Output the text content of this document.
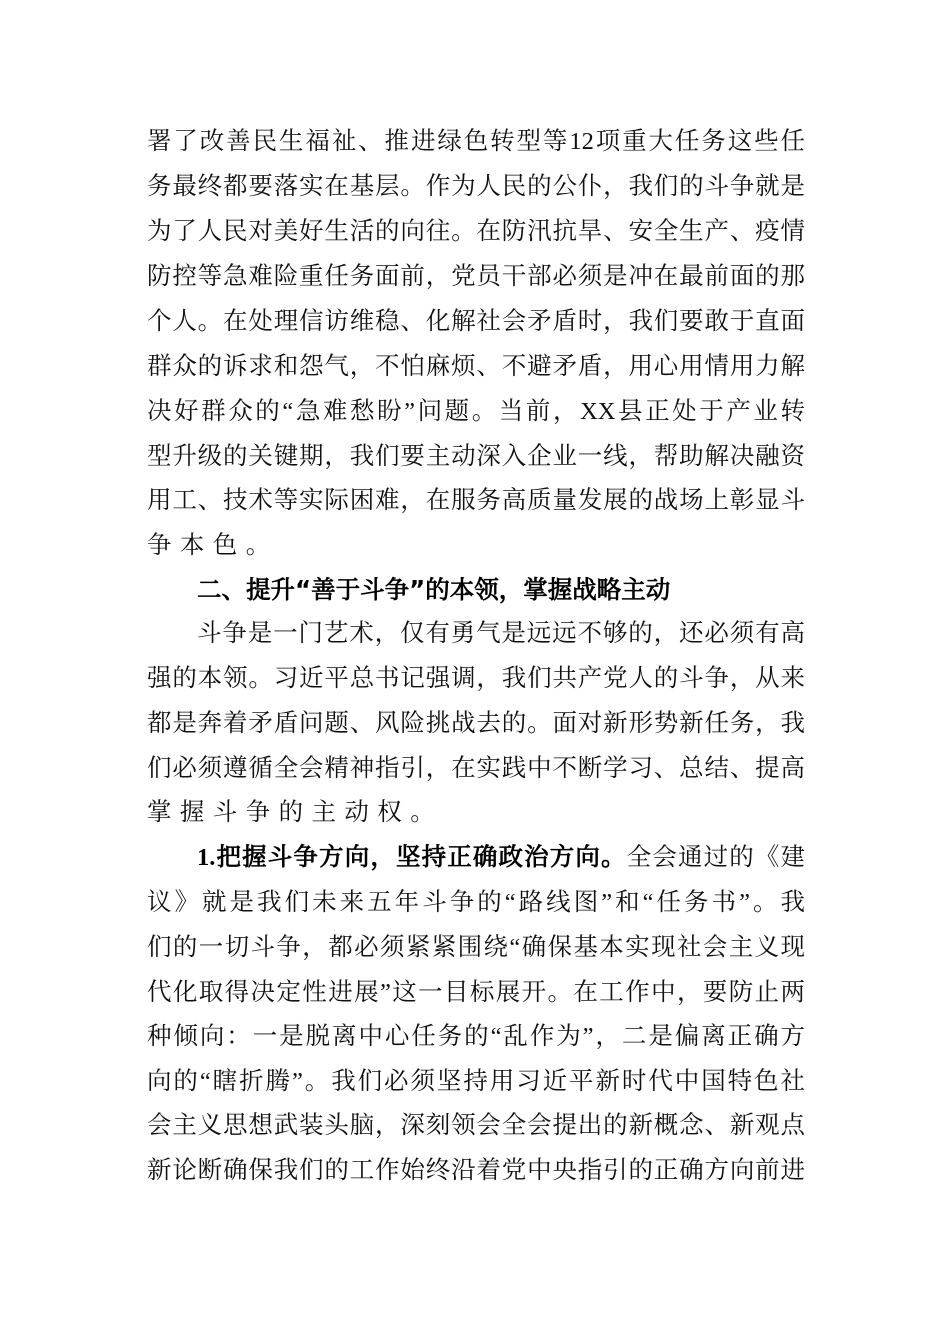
署了改善民生福祉、推进绿色转型等12项重大任务这些任
务最终都要落实在基层。作为人民的公仆，我们的斗争就是
为了人民对美好生活的向往。在防汛抗旱、安全生产、疫情
防控等急难险重任务面前，党员干部必须是冲在最前面的那
个人。在处理信访维稳、化解社会矛盾时，我们要敢于直面
群众的诉求和怨气，不怕麻烦、不避矛盾，用心用情用力解
决好群众的“急难愁盼”问题。当前，XX县正处于产业转
型升级的关键期，我们要主动深入企业一线，帮助解决融资
用工、技术等实际困难，在服务高质量发展的战场上彰显斗
争本色。
二、提升“善于斗争”的本领，掌握战略主动
斗争是一门艺术，仅有勇气是远远不够的，还必须有高
强的本领。习近平总书记强调，我们共产党人的斗争，从来
都是奔着矛盾问题、风险挑战去的。面对新形势新任务，我
们必须遵循全会精神指引，在实践中不断学习、总结、提高
掌握斗争的主动权。
1.把握斗争方向，坚持正确政治方向。全会通过的《建
议》就是我们未来五年斗争的“路线图”和“任务书”。我
们的一切斗争，都必须紧紧围绕“确保基本实现社会主义现
代化取得决定性进展”这一目标展开。在工作中，要防止两
种倾向：一是脱离中心任务的“乱作为”，二是偏离正确方
向的“瞎折腾”。我们必须坚持用习近平新时代中国特色社
会主义思想武装头脑，深刻领会全会提出的新概念、新观点
新论断确保我们的工作始终沿着党中央指引的正确方向前进
